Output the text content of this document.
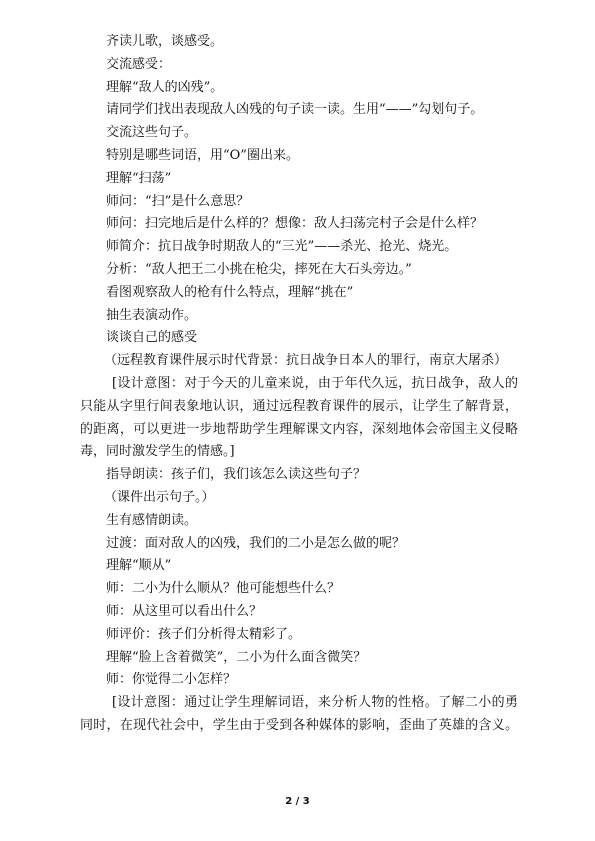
齐读儿歌，谈感受。
交流感受：
理解“敌人的凶残”。
请同学们找出表现敌人凶残的句子读一读。生用“——”勾划句子。
交流这些句子。
特别是哪些词语，用“O”圈出来。
理解“扫荡”
师问：“扫”是什么意思？
师问：扫完地后是什么样的？想像：敌人扫荡完村子会是什么样？
师简介：抗日战争时期敌人的“三光”——杀光、抢光、烧光。
分析：“敌人把王二小挑在枪尖，摔死在大石头旁边。”
看图观察敌人的枪有什么特点，理解“挑在”
抽生表演动作。
谈谈自己的感受
（远程教育课件展示时代背景：抗日战争日本人的罪行，南京大屠杀）
[设计意图：对于今天的儿童来说，由于年代久远，抗日战争，敌人的
只能从字里行间表象地认识，通过远程教育课件的展示，让学生了解背景，
的距离，可以更进一步地帮助学生理解课文内容，深刻地体会帝国主义侵略
毒，同时激发学生的情感。]
指导朗读：孩子们，我们该怎么读这些句子？
（课件出示句子。）
生有感情朗读。
过渡：面对敌人的凶残，我们的二小是怎么做的呢？
理解“顺从”
师：二小为什么顺从？他可能想些什么？
师：从这里可以看出什么？
师评价：孩子们分析得太精彩了。
理解“脸上含着微笑”，二小为什么面含微笑？
师：你觉得二小怎样？
[设计意图：通过让学生理解词语，来分析人物的性格。了解二小的勇
同时，在现代社会中，学生由于受到各种媒体的影响，歪曲了英雄的含义。
2 / 3
